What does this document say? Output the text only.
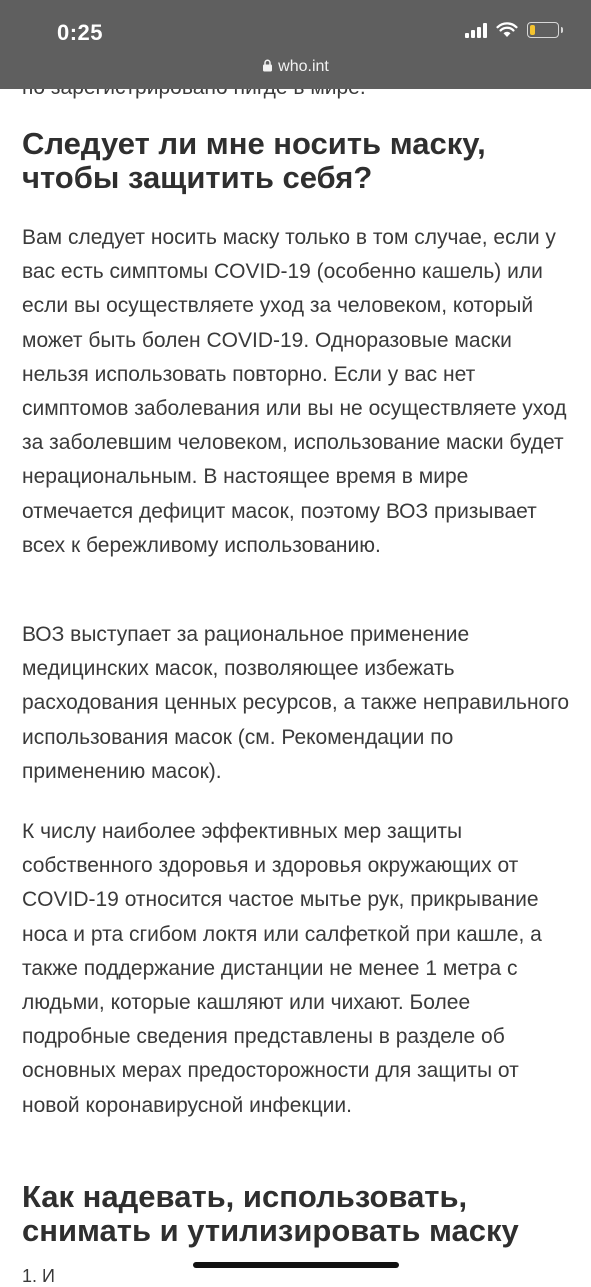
0:25
who.int
Следует ли мне носить маску, чтобы защитить себя?

Вам следует носить маску только в том случае, если у вас есть симптомы COVID-19 (особенно кашель) или если вы осуществляете уход за человеком, который может быть болен COVID-19. Одноразовые маски нельзя использовать повторно. Если у вас нет симптомов заболевания или вы не осуществляете уход за заболевшим человеком, использование маски будет нерациональным. В настоящее время в мире отмечается дефицит масок, поэтому ВОЗ призывает всех к бережливому использованию.

ВОЗ выступает за рациональное применение медицинских масок, позволяющее избежать расходования ценных ресурсов, а также неправильного использования масок (см. Рекомендации по применению масок).

К числу наиболее эффективных мер защиты собственного здоровья и здоровья окружающих от COVID-19 относится частое мытье рук, прикрывание носа и рта сгибом локтя или салфеткой при кашле, а также поддержание дистанции не менее 1 метра с людьми, которые кашляют или чихают. Более подробные сведения представлены в разделе об основных мерах предосторожности для защиты от новой коронавирусной инфекции.

Как надевать, использовать, снимать и утилизировать маску
1. И
